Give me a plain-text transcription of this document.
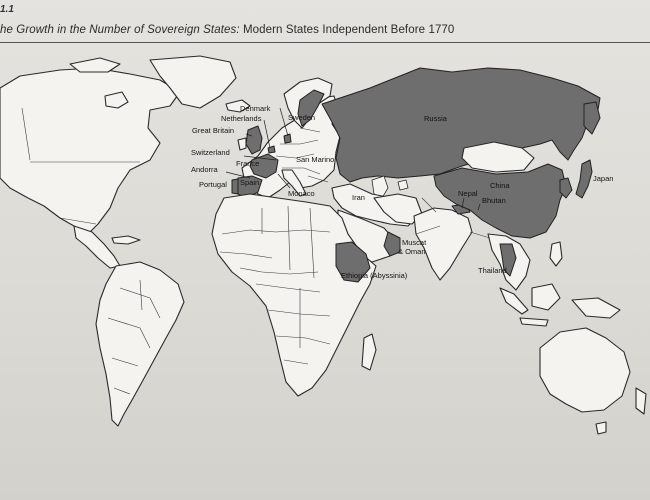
1.1
he Growth in the Number of Sovereign States: Modern States Independent Before 1770
Denmark
Netherlands
Great Britain
Sweden	Russia
Switzerland
San Marino
France
Andorra
Portugal Spain
Monaco	Iran	Nepal
China
Bhutan
Japan
Muscat
& Oman
Ethiopia (Abyssinia)
Thailand
